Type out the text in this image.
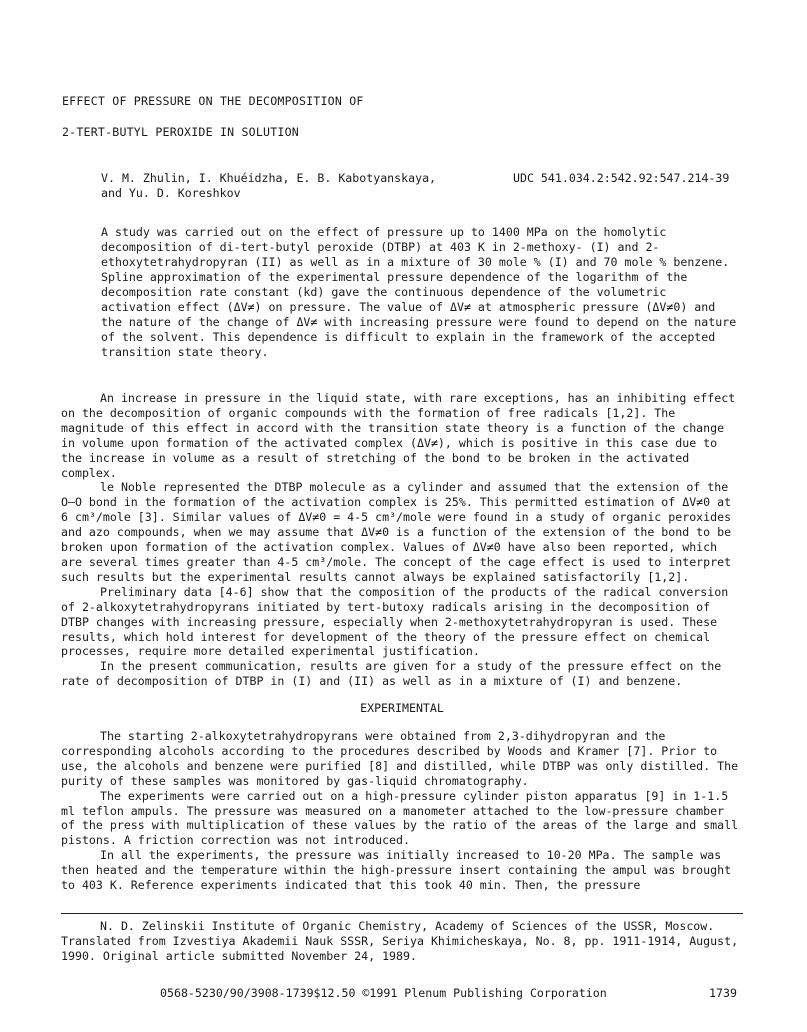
EFFECT OF PRESSURE ON THE DECOMPOSITION OF
2-TERT-BUTYL PEROXIDE IN SOLUTION
V. M. Zhulin, I. Khuéidzha, E. B. Kabotyanskaya,
and Yu. D. Koreshkov
UDC 541.034.2:542.92:547.214-39
A study was carried out on the effect of pressure up to 1400 MPa on the homolytic decomposition of di-tert-butyl peroxide (DTBP) at 403 K in 2-methoxy- (I) and 2-ethoxytetrahydropyran (II) as well as in a mixture of 30 mole % (I) and 70 mole % benzene. Spline approximation of the experimental pressure dependence of the logarithm of the decomposition rate constant (kd) gave the continuous dependence of the volumetric activation effect (ΔV≠) on pressure. The value of ΔV≠ at atmospheric pressure (ΔV≠0) and the nature of the change of ΔV≠ with increasing pressure were found to depend on the nature of the solvent. This dependence is difficult to explain in the framework of the accepted transition state theory.

An increase in pressure in the liquid state, with rare exceptions, has an inhibiting effect on the decomposition of organic compounds with the formation of free radicals [1,2]. The magnitude of this effect in accord with the transition state theory is a function of the change in volume upon formation of the activated complex (ΔV≠), which is positive in this case due to the increase in volume as a result of stretching of the bond to be broken in the activated complex.

le Noble represented the DTBP molecule as a cylinder and assumed that the extension of the O–O bond in the formation of the activation complex is 25%. This permitted estimation of ΔV≠0 at 6 cm³/mole [3]. Similar values of ΔV≠0 = 4-5 cm³/mole were found in a study of organic peroxides and azo compounds, when we may assume that ΔV≠0 is a function of the extension of the bond to be broken upon formation of the activation complex. Values of ΔV≠0 have also been reported, which are several times greater than 4-5 cm³/mole. The concept of the cage effect is used to interpret such results but the experimental results cannot always be explained satisfactorily [1,2].

Preliminary data [4-6] show that the composition of the products of the radical conversion of 2-alkoxytetrahydropyrans initiated by tert-butoxy radicals arising in the decomposition of DTBP changes with increasing pressure, especially when 2-methoxytetrahydropyran is used. These results, which hold interest for development of the theory of the pressure effect on chemical processes, require more detailed experimental justification.

In the present communication, results are given for a study of the pressure effect on the rate of decomposition of DTBP in (I) and (II) as well as in a mixture of (I) and benzene.

EXPERIMENTAL

The starting 2-alkoxytetrahydropyrans were obtained from 2,3-dihydropyran and the corresponding alcohols according to the procedures described by Woods and Kramer [7]. Prior to use, the alcohols and benzene were purified [8] and distilled, while DTBP was only distilled. The purity of these samples was monitored by gas-liquid chromatography.

The experiments were carried out on a high-pressure cylinder piston apparatus [9] in 1-1.5 ml teflon ampuls. The pressure was measured on a manometer attached to the low-pressure chamber of the press with multiplication of these values by the ratio of the areas of the large and small pistons. A friction correction was not introduced.

In all the experiments, the pressure was initially increased to 10-20 MPa. The sample was then heated and the temperature within the high-pressure insert containing the ampul was brought to 403 K. Reference experiments indicated that this took 40 min. Then, the pressure

N. D. Zelinskii Institute of Organic Chemistry, Academy of Sciences of the USSR, Moscow. Translated from Izvestiya Akademii Nauk SSSR, Seriya Khimicheskaya, No. 8, pp. 1911-1914, August, 1990. Original article submitted November 24, 1989.

0568-5230/90/3908-1739$12.50 ©1991 Plenum Publishing Corporation	1739
